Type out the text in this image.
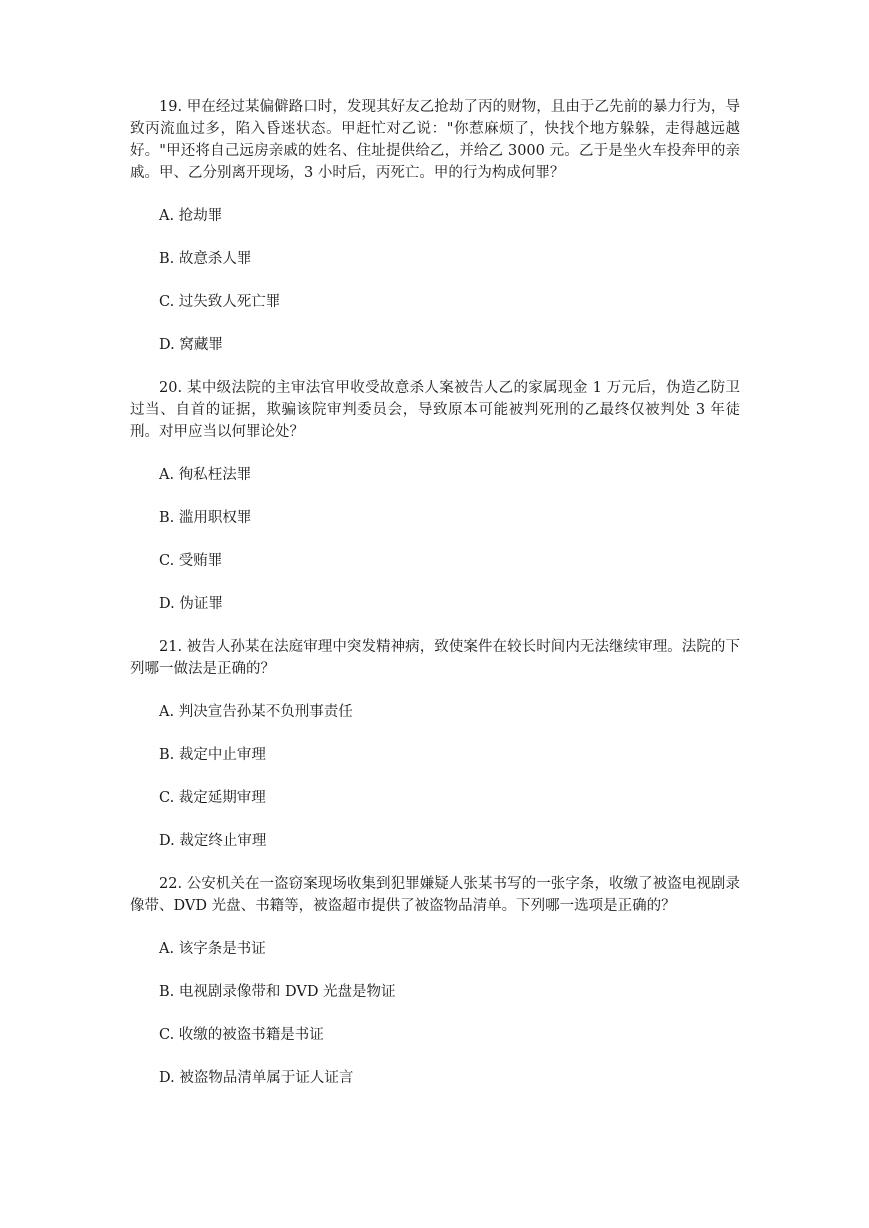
19. 甲在经过某偏僻路口时，发现其好友乙抢劫了丙的财物，且由于乙先前的暴力行为，导致丙流血过多，陷入昏迷状态。甲赶忙对乙说："你惹麻烦了，快找个地方躲躲，走得越远越好。"甲还将自己远房亲戚的姓名、住址提供给乙，并给乙 3000 元。乙于是坐火车投奔甲的亲戚。甲、乙分别离开现场，3 小时后，丙死亡。甲的行为构成何罪？

A. 抢劫罪

B. 故意杀人罪

C. 过失致人死亡罪

D. 窝藏罪

20. 某中级法院的主审法官甲收受故意杀人案被告人乙的家属现金 1 万元后，伪造乙防卫过当、自首的证据，欺骗该院审判委员会，导致原本可能被判死刑的乙最终仅被判处 3 年徒刑。对甲应当以何罪论处？

A. 徇私枉法罪

B. 滥用职权罪

C. 受贿罪

D. 伪证罪

21. 被告人孙某在法庭审理中突发精神病，致使案件在较长时间内无法继续审理。法院的下列哪一做法是正确的？

A. 判决宣告孙某不负刑事责任

B. 裁定中止审理

C. 裁定延期审理

D. 裁定终止审理

22. 公安机关在一盗窃案现场收集到犯罪嫌疑人张某书写的一张字条，收缴了被盗电视剧录像带、DVD 光盘、书籍等，被盗超市提供了被盗物品清单。下列哪一选项是正确的？

A. 该字条是书证

B. 电视剧录像带和 DVD 光盘是物证

C. 收缴的被盗书籍是书证

D. 被盗物品清单属于证人证言
